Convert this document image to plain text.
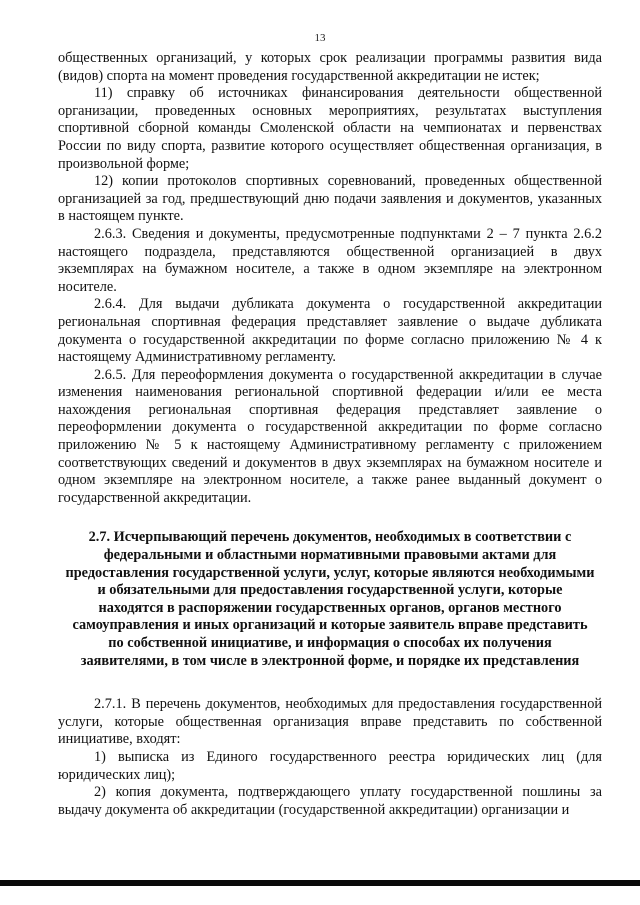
13

общественных организаций, у которых срок реализации программы развития вида (видов) спорта на момент проведения государственной аккредитации не истек;

11) справку об источниках финансирования деятельности общественной организации, проведенных основных мероприятиях, результатах выступления спортивной сборной команды Смоленской области на чемпионатах и первенствах России по виду спорта, развитие которого осуществляет общественная организация, в произвольной форме;

12) копии протоколов спортивных соревнований, проведенных общественной организацией за год, предшествующий дню подачи заявления и документов, указанных в настоящем пункте.

2.6.3. Сведения и документы, предусмотренные подпунктами 2 – 7 пункта 2.6.2 настоящего подраздела, представляются общественной организацией в двух экземплярах на бумажном носителе, а также в одном экземпляре на электронном носителе.

2.6.4. Для выдачи дубликата документа о государственной аккредитации региональная спортивная федерация представляет заявление о выдаче дубликата документа о государственной аккредитации по форме согласно приложению № 4 к настоящему Административному регламенту.

2.6.5. Для переоформления документа о государственной аккредитации в случае изменения наименования региональной спортивной федерации и/или ее места нахождения региональная спортивная федерация представляет заявление о переоформлении документа о государственной аккредитации по форме согласно приложению № 5 к настоящему Административному регламенту с приложением соответствующих сведений и документов в двух экземплярах на бумажном носителе и одном экземпляре на электронном носителе, а также ранее выданный документ о государственной аккредитации.

2.7. Исчерпывающий перечень документов, необходимых в соответствии с федеральными и областными нормативными правовыми актами для предоставления государственной услуги, услуг, которые являются необходимыми и обязательными для предоставления государственной услуги, которые находятся в распоряжении государственных органов, органов местного самоуправления и иных организаций и которые заявитель вправе представить по собственной инициативе, и информация о способах их получения заявителями, в том числе в электронной форме, и порядке их представления

2.7.1. В перечень документов, необходимых для предоставления государственной услуги, которые общественная организация вправе представить по собственной инициативе, входят:

1) выписка из Единого государственного реестра юридических лиц (для юридических лиц);

2) копия документа, подтверждающего уплату государственной пошлины за выдачу документа об аккредитации (государственной аккредитации) организации и
